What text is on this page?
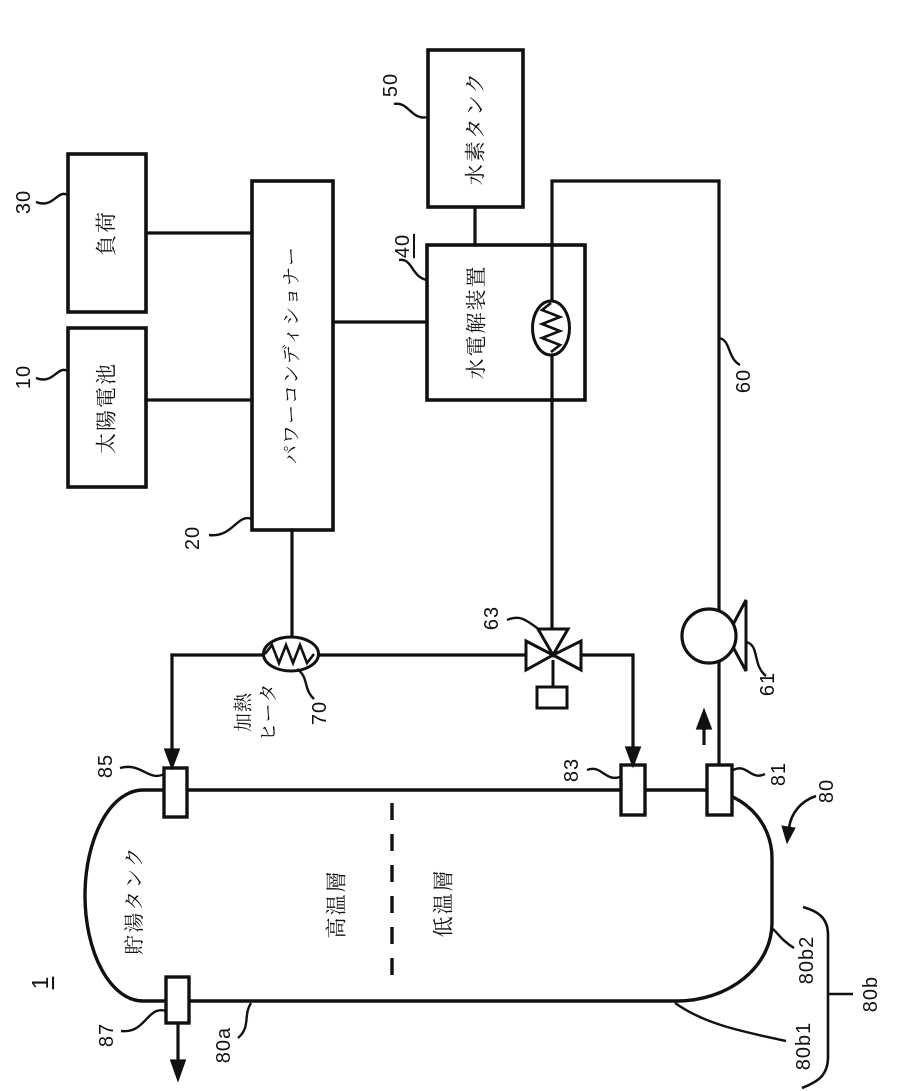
1
負荷
太陽電池	パワーコンディショナー
水素タンク
水電解装置
加熱
ヒータ
貯湯タンク	高温層	低温層
30
10
20
40
50
60
63
61
70
85	83	81
80
87	80a	80b1
80b2
80b
